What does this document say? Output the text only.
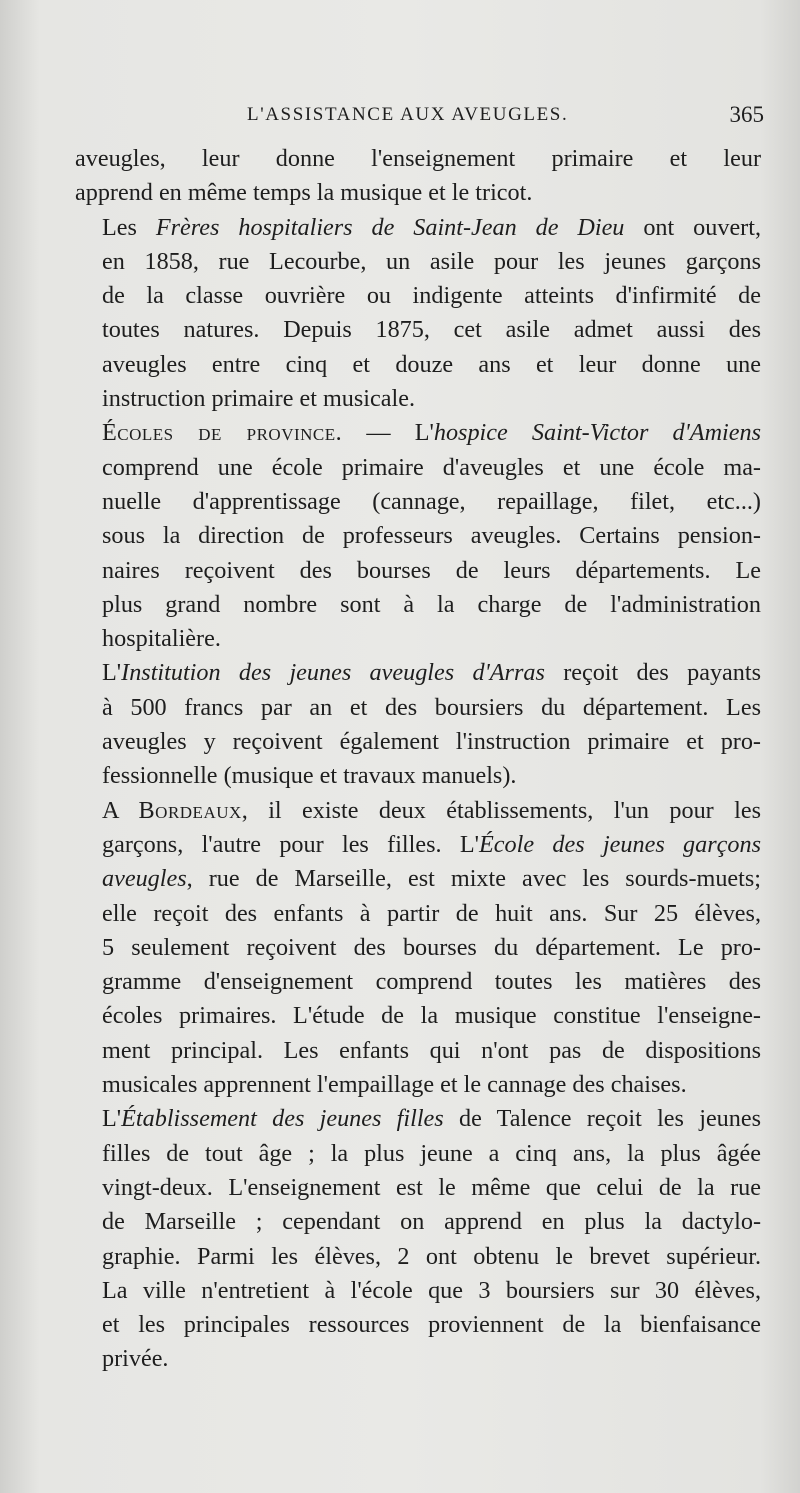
L'ASSISTANCE AUX AVEUGLES.	365

aveugles, leur donne l'enseignement primaire et leur
apprend en même temps la musique et le tricot.

Les Frères hospitaliers de Saint-Jean de Dieu ont ouvert,
en 1858, rue Lecourbe, un asile pour les jeunes garçons
de la classe ouvrière ou indigente atteints d'infirmité de
toutes natures. Depuis 1875, cet asile admet aussi des
aveugles entre cinq et douze ans et leur donne une
instruction primaire et musicale.

Écoles de province. — L'hospice Saint-Victor d'Amiens
comprend une école primaire d'aveugles et une école ma-
nuelle d'apprentissage (cannage, repaillage, filet, etc...)
sous la direction de professeurs aveugles. Certains pension-
naires reçoivent des bourses de leurs départements. Le
plus grand nombre sont à la charge de l'administration
hospitalière.

L'Institution des jeunes aveugles d'Arras reçoit des payants
à 500 francs par an et des boursiers du département. Les
aveugles y reçoivent également l'instruction primaire et pro-
fessionnelle (musique et travaux manuels).

A Bordeaux, il existe deux établissements, l'un pour les
garçons, l'autre pour les filles. L'École des jeunes garçons
aveugles, rue de Marseille, est mixte avec les sourds-muets;
elle reçoit des enfants à partir de huit ans. Sur 25 élèves,
5 seulement reçoivent des bourses du département. Le pro-
gramme d'enseignement comprend toutes les matières des
écoles primaires. L'étude de la musique constitue l'enseigne-
ment principal. Les enfants qui n'ont pas de dispositions
musicales apprennent l'empaillage et le cannage des chaises.

L'Établissement des jeunes filles de Talence reçoit les jeunes
filles de tout âge ; la plus jeune a cinq ans, la plus âgée
vingt-deux. L'enseignement est le même que celui de la rue
de Marseille ; cependant on apprend en plus la dactylo-
graphie. Parmi les élèves, 2 ont obtenu le brevet supérieur.
La ville n'entretient à l'école que 3 boursiers sur 30 élèves,
et les principales ressources proviennent de la bienfaisance
privée.
